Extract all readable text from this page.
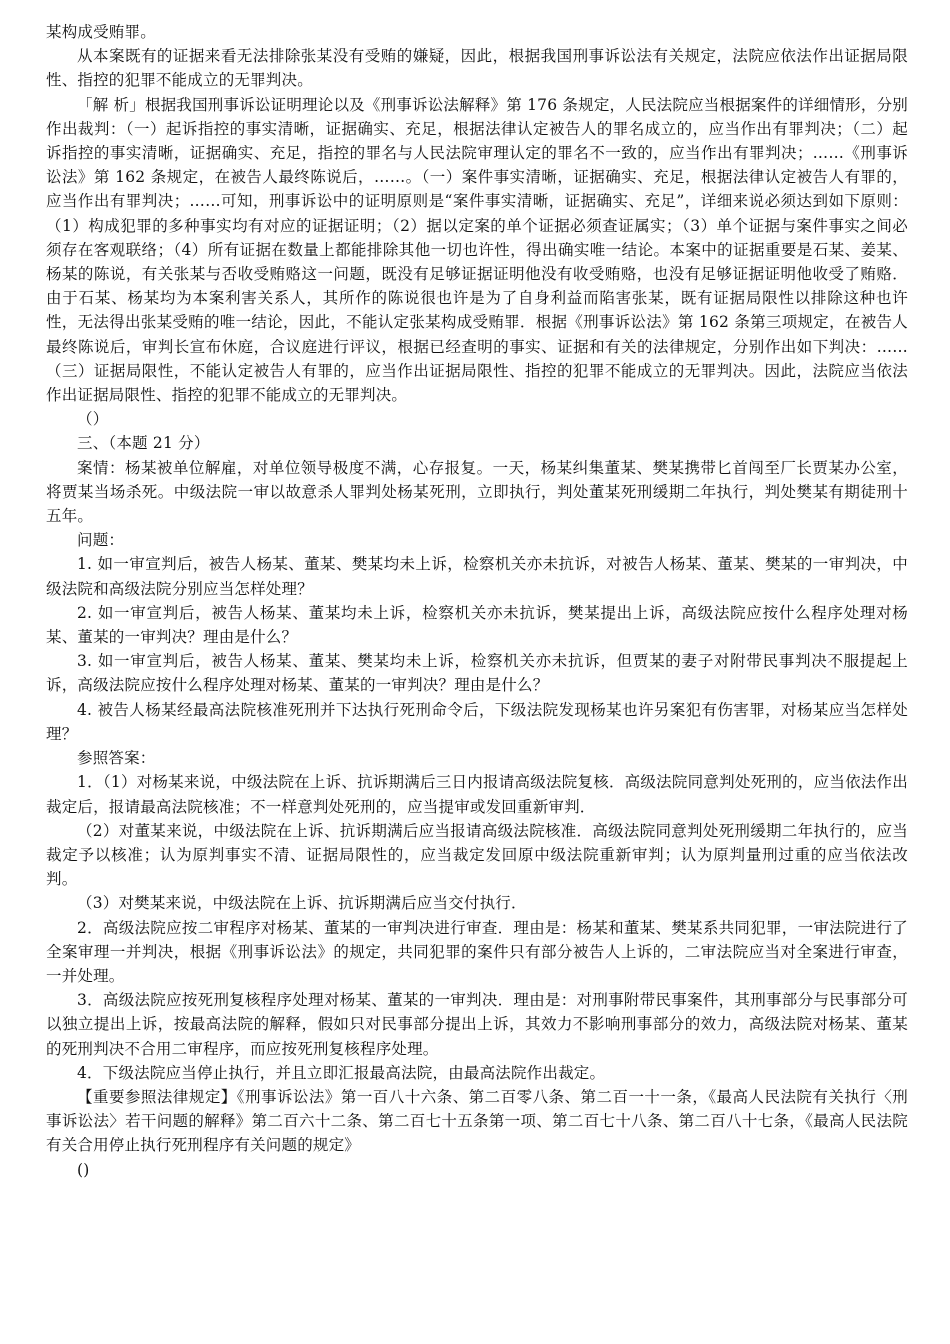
某构成受贿罪。

从本案既有的证据来看无法排除张某没有受贿的嫌疑，因此，根据我国刑事诉讼法有关规定，法院应依法作出证据局限性、指控的犯罪不能成立的无罪判决。

「解 析」根据我国刑事诉讼证明理论以及《刑事诉讼法解释》第 176 条规定，人民法院应当根据案件的详细情形，分别作出裁判：（一）起诉指控的事实清晰，证据确实、充足，根据法律认定被告人的罪名成立的，应当作出有罪判决；（二）起诉指控的事实清晰，证据确实、充足，指控的罪名与人民法院审理认定的罪名不一致的，应当作出有罪判决；……《刑事诉讼法》第 162 条规定，在被告人最终陈说后，……。（一）案件事实清晰，证据确实、充足，根据法律认定被告人有罪的，应当作出有罪判决；……可知，刑事诉讼中的证明原则是“案件事实清晰，证据确实、充足”，详细来说必须达到如下原则：（1）构成犯罪的多种事实均有对应的证据证明；（2）据以定案的单个证据必须查证属实；（3）单个证据与案件事实之间必须存在客观联络；（4）所有证据在数量上都能排除其他一切也许性，得出确实唯一结论。本案中的证据重要是石某、姜某、杨某的陈说，有关张某与否收受贿赂这一问题，既没有足够证据证明他没有收受贿赂，也没有足够证据证明他收受了贿赂．由于石某、杨某均为本案利害关系人，其所作的陈说很也许是为了自身利益而陷害张某，既有证据局限性以排除这种也许性，无法得出张某受贿的唯一结论，因此，不能认定张某构成受贿罪．根据《刑事诉讼法》第 162 条第三项规定，在被告人最终陈说后，审判长宣布休庭，合议庭进行评议，根据已经查明的事实、证据和有关的法律规定，分别作出如下判决：……（三）证据局限性，不能认定被告人有罪的，应当作出证据局限性、指控的犯罪不能成立的无罪判决。因此，法院应当依法作出证据局限性、指控的犯罪不能成立的无罪判决。

（）

三、（本题 21 分）

案情：杨某被单位解雇，对单位领导极度不满，心存报复。一天，杨某纠集董某、樊某携带匕首闯至厂长贾某办公室，将贾某当场杀死。中级法院一审以故意杀人罪判处杨某死刑，立即执行，判处董某死刑缓期二年执行，判处樊某有期徒刑十五年。

问题：

1. 如一审宣判后，被告人杨某、董某、樊某均未上诉，检察机关亦未抗诉，对被告人杨某、董某、樊某的一审判决，中级法院和高级法院分别应当怎样处理？

2. 如一审宣判后，被告人杨某、董某均未上诉，检察机关亦未抗诉，樊某提出上诉，高级法院应按什么程序处理对杨某、董某的一审判决？理由是什么？

3. 如一审宣判后，被告人杨某、董某、樊某均未上诉，检察机关亦未抗诉，但贾某的妻子对附带民事判决不服提起上诉，高级法院应按什么程序处理对杨某、董某的一审判决？理由是什么？

4. 被告人杨某经最高法院核准死刑并下达执行死刑命令后，下级法院发现杨某也许另案犯有伤害罪，对杨某应当怎样处理？

参照答案：

1．（1）对杨某来说，中级法院在上诉、抗诉期满后三日内报请高级法院复核．高级法院同意判处死刑的，应当依法作出裁定后，报请最高法院核准；不一样意判处死刑的，应当提审或发回重新审判．

（2）对董某来说，中级法院在上诉、抗诉期满后应当报请高级法院核准．高级法院同意判处死刑缓期二年执行的，应当裁定予以核准；认为原判事实不清、证据局限性的，应当裁定发回原中级法院重新审判；认为原判量刑过重的应当依法改判。

（3）对樊某来说，中级法院在上诉、抗诉期满后应当交付执行．

2．高级法院应按二审程序对杨某、董某的一审判决进行审查．理由是：杨某和董某、樊某系共同犯罪，一审法院进行了全案审理一并判决，根据《刑事诉讼法》的规定，共同犯罪的案件只有部分被告人上诉的，二审法院应当对全案进行审查，一并处理。

3．高级法院应按死刑复核程序处理对杨某、董某的一审判决．理由是：对刑事附带民事案件，其刑事部分与民事部分可以独立提出上诉，按最高法院的解释，假如只对民事部分提出上诉，其效力不影响刑事部分的效力，高级法院对杨某、董某的死刑判决不合用二审程序，而应按死刑复核程序处理。

4．下级法院应当停止执行，并且立即汇报最高法院，由最高法院作出裁定。

【重要参照法律规定】《刑事诉讼法》第一百八十六条、第二百零八条、第二百一十一条，《最高人民法院有关执行〈刑事诉讼法〉若干问题的解释》第二百六十二条、第二百七十五条第一项、第二百七十八条、第二百八十七条，《最高人民法院有关合用停止执行死刑程序有关问题的规定》

()
